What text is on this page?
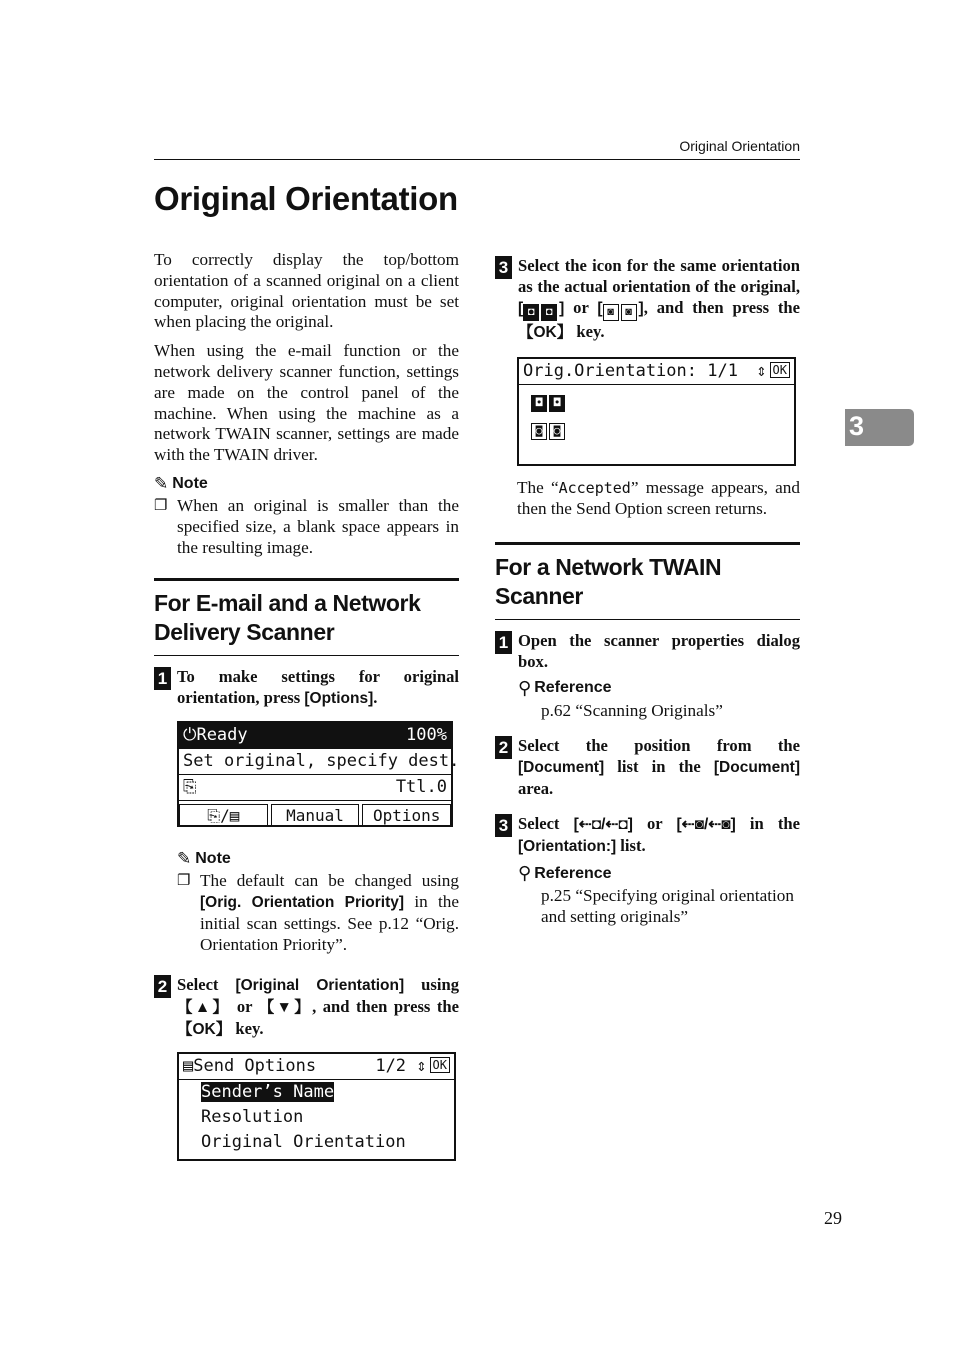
Original Orientation
Original Orientation
3

To correctly display the top/bottom orientation of a scanned original on a client computer, original orientation must be set when placing the original.

When using the e-mail function or the network delivery scanner function, settings are made on the control panel of the machine. When using the machine as a network TWAIN scanner, settings are made with the TWAIN driver.

✎ Note
❐ When an original is smaller than the specified size, a blank space appears in the resulting image.
For E-mail and a Network Delivery Scanner
1 To make settings for original orientation, press [Options].
⏻Ready	100%
Set original, specify dest.
⎘	Ttl.0
⎘/▤	Manual	Options
✎ Note
❐ The default can be changed using [Orig. Orientation Priority] in the initial scan settings. See p.12 “Orig. Orientation Priority”.
2 Select [Original Orientation] using 【▲】 or 【▼】, and then press the 【OK】 key.
▤Send Options	1/2 ⇕ OK
Sender’s Name
Resolution
Original Orientation
3 Select the icon for the same orientation as the actual orientation of the original, [ ◘ ◘ ] or [ ◙ ◙ ], and then press the 【OK】 key.
Orig.Orientation: 1/1 ⇕ OK
◘ ◘
◙ ◙

The “Accepted” message appears, and then the Send Option screen returns.

For a Network TWAIN Scanner
1 Open the scanner properties dialog box.
⚲ Reference
p.62 “Scanning Originals”
2 Select the position from the [Document] list in the [Document] area.
3 Select [⇠◘/⇠◘] or [⇠◙/⇠◙] in the [Orientation:] list.
⚲ Reference
p.25 “Specifying original orientation and setting originals”
29
